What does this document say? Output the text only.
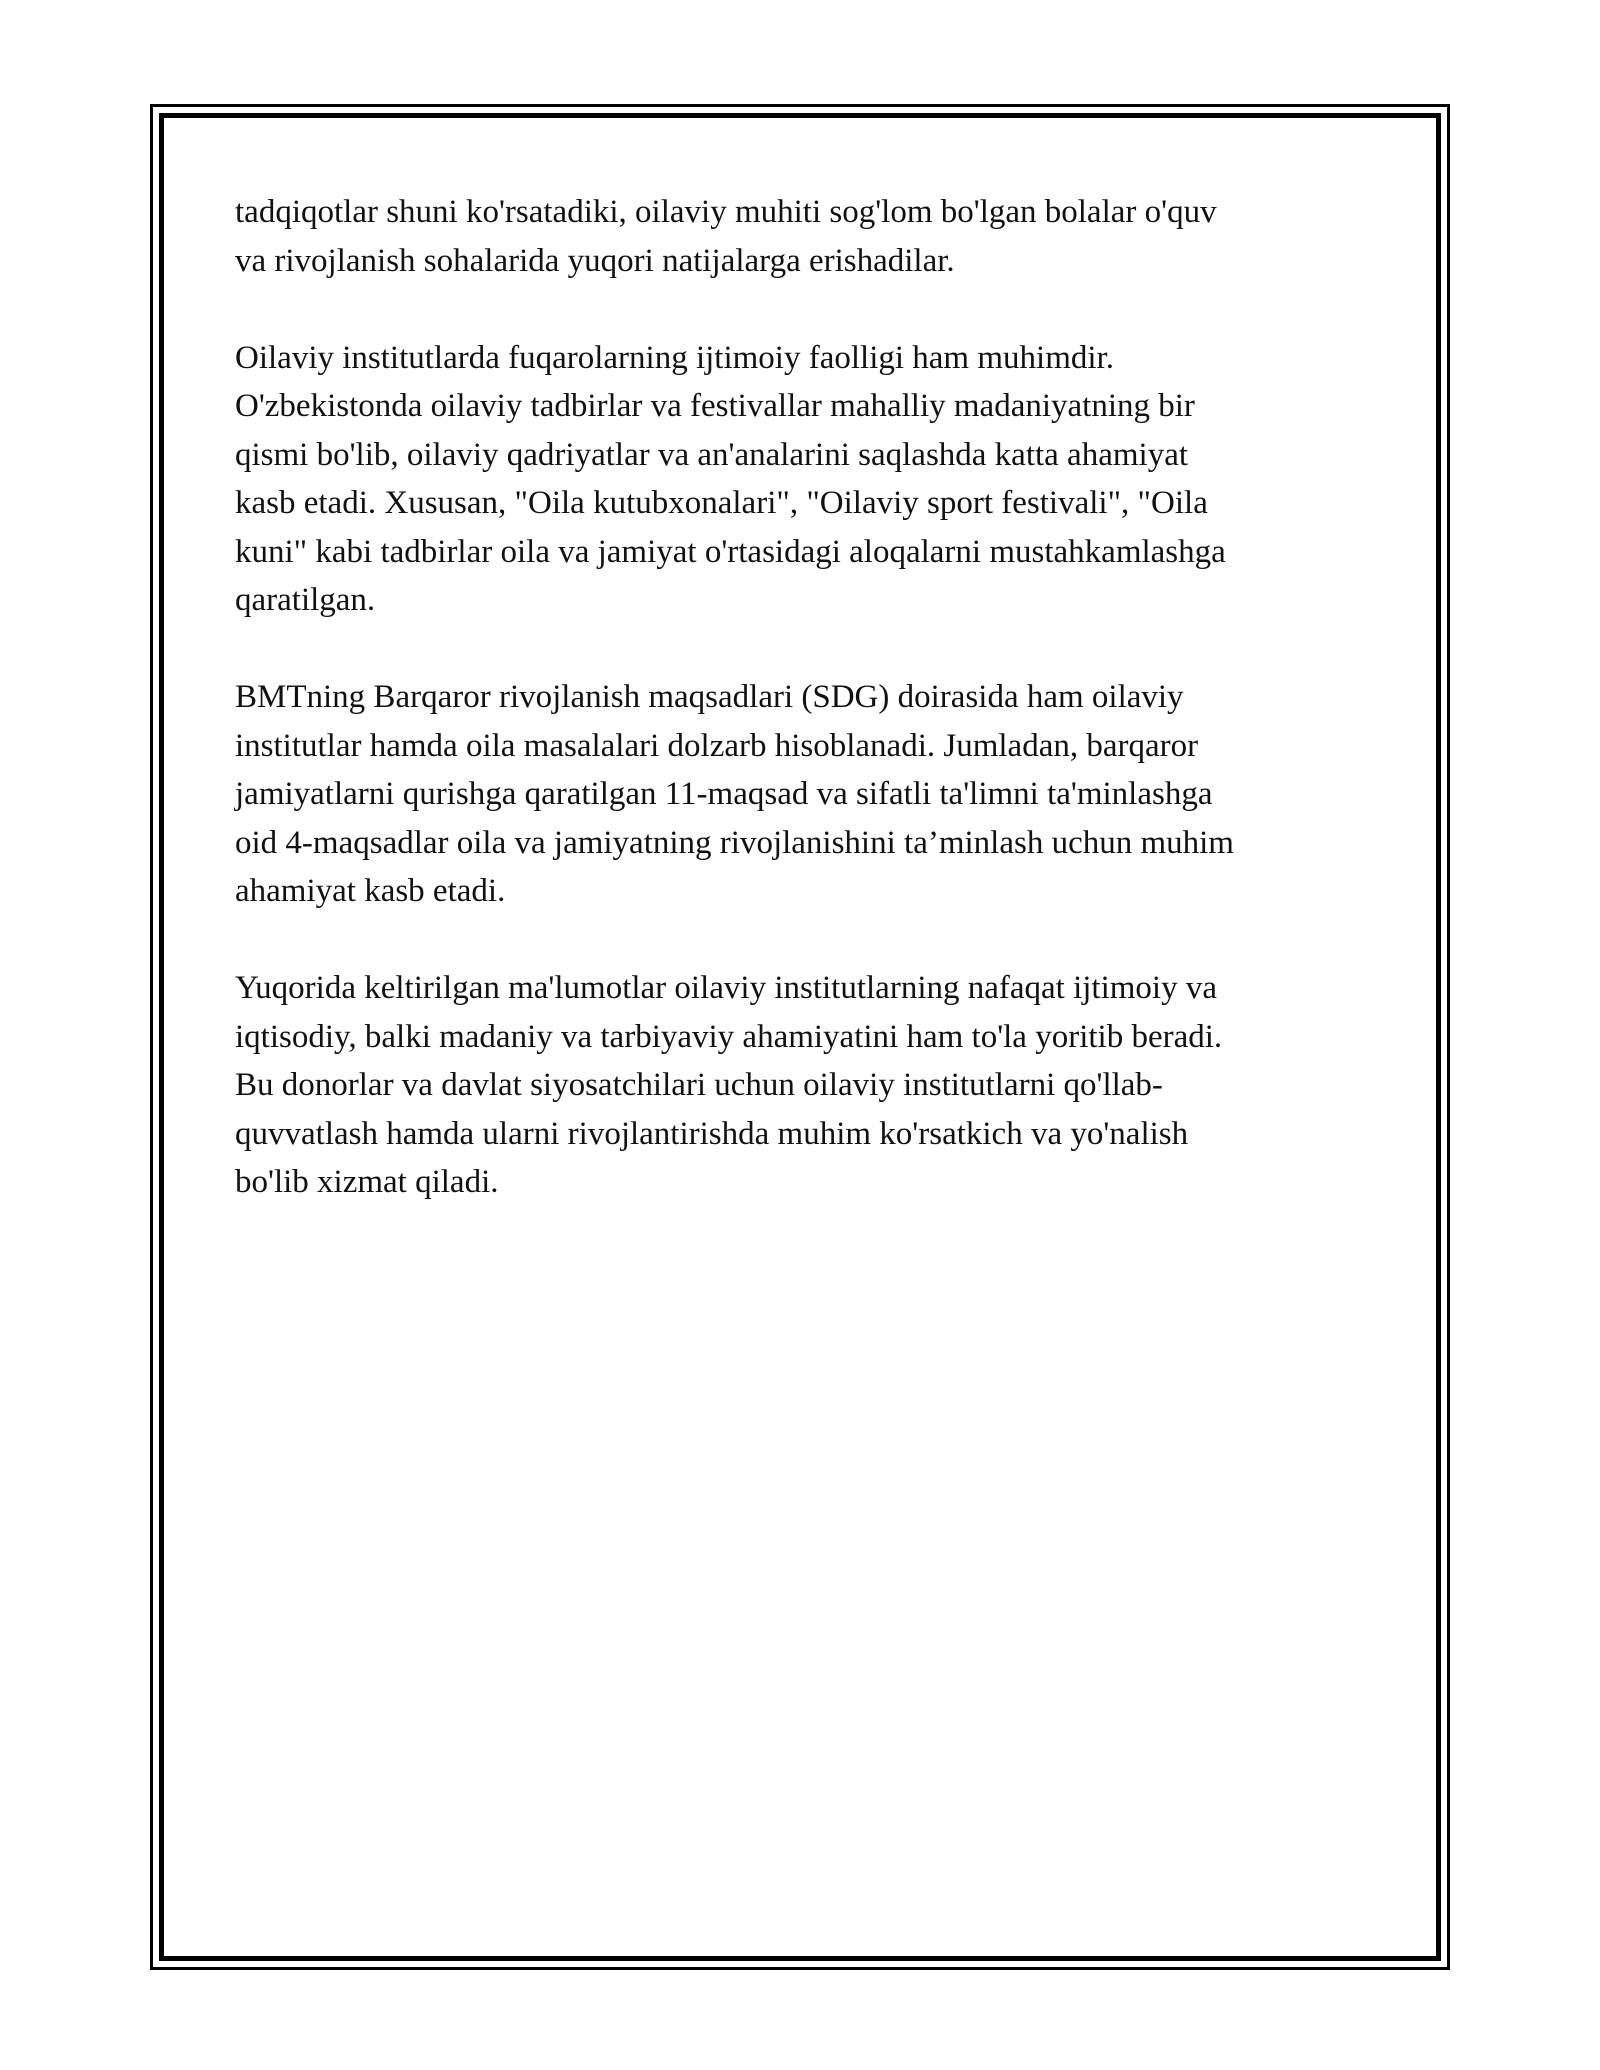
tadqiqotlar shuni ko'rsatadiki, oilaviy muhiti sog'lom bo'lgan bolalar o'quv
va rivojlanish sohalarida yuqori natijalarga erishadilar.

Oilaviy institutlarda fuqarolarning ijtimoiy faolligi ham muhimdir.
O'zbekistonda oilaviy tadbirlar va festivallar mahalliy madaniyatning bir
qismi bo'lib, oilaviy qadriyatlar va an'analarini saqlashda katta ahamiyat
kasb etadi. Xususan, "Oila kutubxonalari", "Oilaviy sport festivali", "Oila
kuni" kabi tadbirlar oila va jamiyat o'rtasidagi aloqalarni mustahkamlashga
qaratilgan.

BMTning Barqaror rivojlanish maqsadlari (SDG) doirasida ham oilaviy
institutlar hamda oila masalalari dolzarb hisoblanadi. Jumladan, barqaror
jamiyatlarni qurishga qaratilgan 11-maqsad va sifatli ta'limni ta'minlashga
oid 4-maqsadlar oila va jamiyatning rivojlanishini ta’minlash uchun muhim
ahamiyat kasb etadi.

Yuqorida keltirilgan ma'lumotlar oilaviy institutlarning nafaqat ijtimoiy va
iqtisodiy, balki madaniy va tarbiyaviy ahamiyatini ham to'la yoritib beradi.
Bu donorlar va davlat siyosatchilari uchun oilaviy institutlarni qo'llab-
quvvatlash hamda ularni rivojlantirishda muhim ko'rsatkich va yo'nalish
bo'lib xizmat qiladi.
